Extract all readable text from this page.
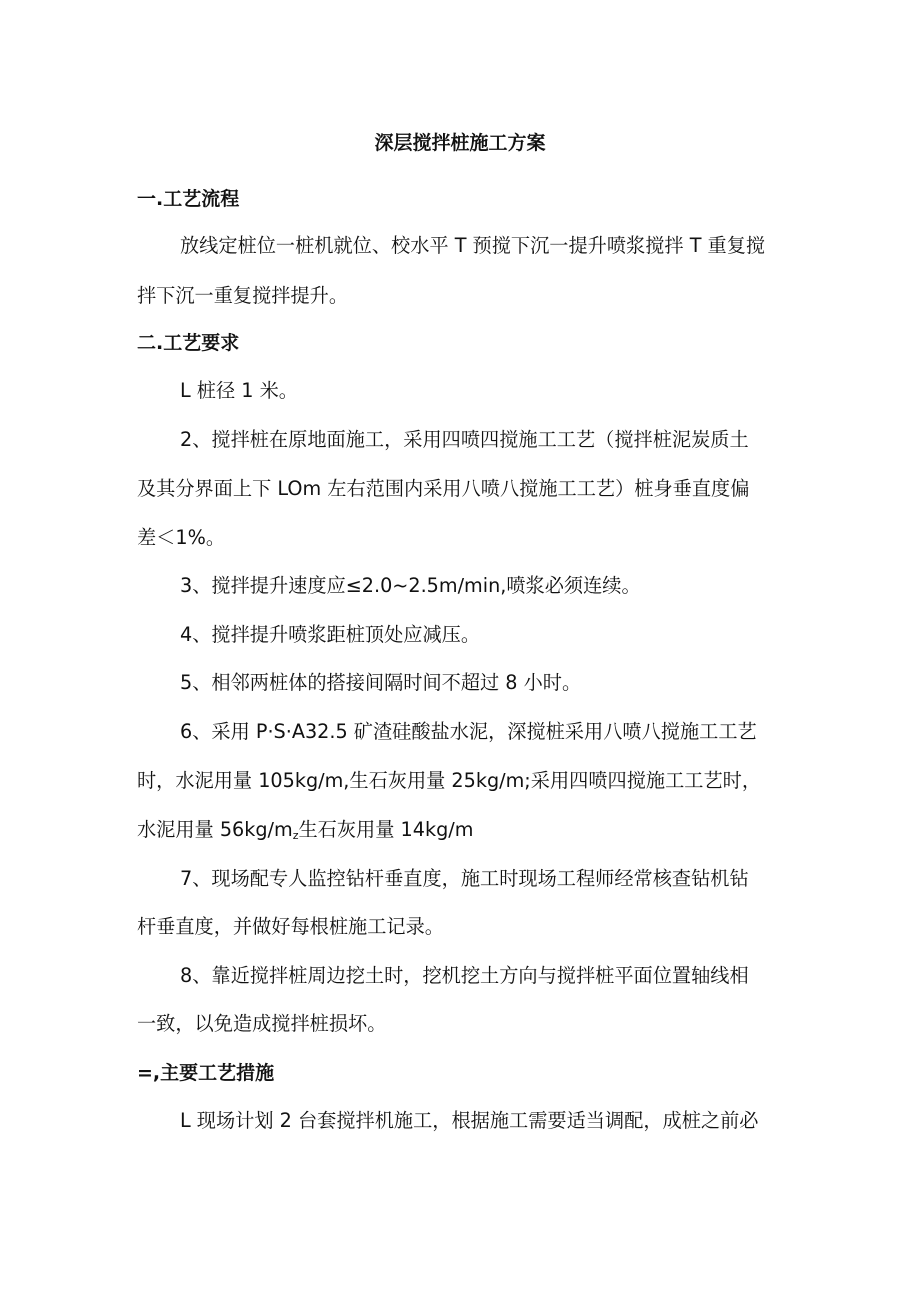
深层搅拌桩施工方案
一.工艺流程
放线定桩位一桩机就位、校水平 T 预搅下沉一提升喷浆搅拌 T 重复搅
拌下沉一重复搅拌提升。
二.工艺要求
L 桩径 1 米。
2、搅拌桩在原地面施工，采用四喷四搅施工工艺（搅拌桩泥炭质土
及其分界面上下 LOm 左右范围内采用八喷八搅施工工艺）桩身垂直度偏
差＜1%。
3、搅拌提升速度应≤2.0~2.5m∕min,喷浆必须连续。
4、搅拌提升喷浆距桩顶处应减压。
5、相邻两桩体的搭接间隔时间不超过 8 小时。
6、采用 P·S·A32.5 矿渣硅酸盐水泥，深搅桩采用八喷八搅施工工艺
时，水泥用量 105kg∕m,生石灰用量 25kg∕m;采用四喷四搅施工工艺时，
水泥用量 $56kg∕m_z$生石灰用量 14kg∕m
7、现场配专人监控钻杆垂直度，施工时现场工程师经常核查钻机钻
杆垂直度，并做好每根桩施工记录。
8、靠近搅拌桩周边挖土时，挖机挖土方向与搅拌桩平面位置轴线相
一致，以免造成搅拌桩损坏。
=,主要工艺措施
L 现场计划 2 台套搅拌机施工，根据施工需要适当调配，成桩之前必
